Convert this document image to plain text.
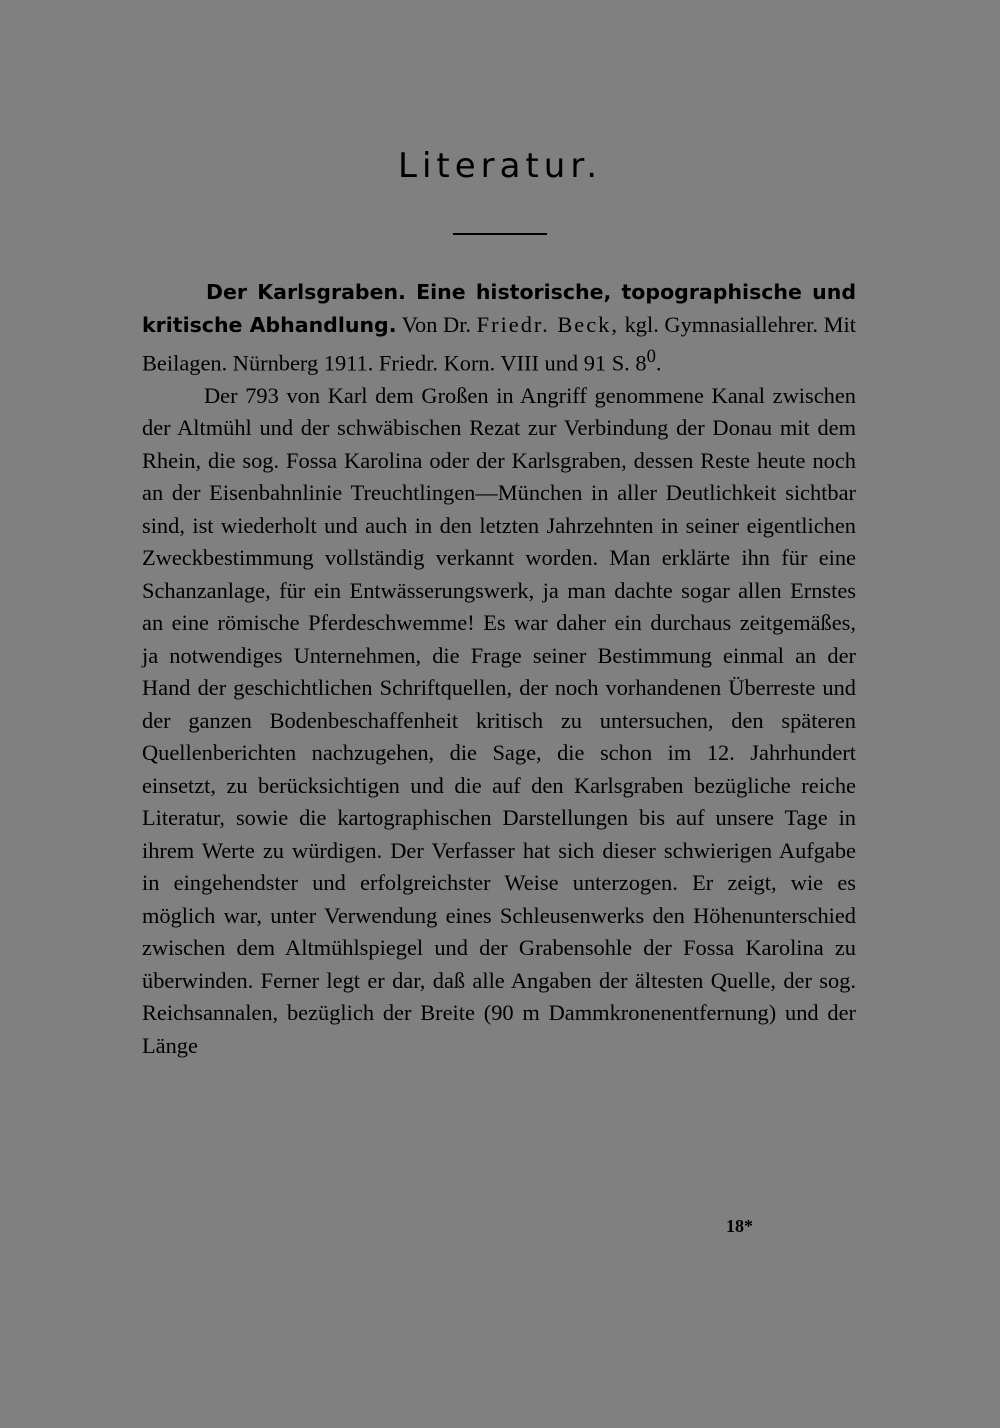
Literatur.

Der Karlsgraben. Eine historische, topographische und kritische Abhandlung. Von Dr. Friedr. Beck, kgl. Gymnasiallehrer. Mit Beilagen. Nürnberg 1911. Friedr. Korn. VIII und 91 S. $8^0$.

Der 793 von Karl dem Großen in Angriff genommene Kanal zwischen der Altmühl und der schwäbischen Rezat zur Verbindung der Donau mit dem Rhein, die sog. Fossa Karolina oder der Karlsgraben, dessen Reste heute noch an der Eisenbahnlinie Treuchtlingen—München in aller Deutlichkeit sichtbar sind, ist wiederholt und auch in den letzten Jahrzehnten in seiner eigentlichen Zweckbestimmung vollständig verkannt worden. Man erklärte ihn für eine Schanzanlage, für ein Entwässerungswerk, ja man dachte sogar allen Ernstes an eine römische Pferdeschwemme! Es war daher ein durchaus zeitgemäßes, ja notwendiges Unternehmen, die Frage seiner Bestimmung einmal an der Hand der geschichtlichen Schriftquellen, der noch vorhandenen Überreste und der ganzen Bodenbeschaffenheit kritisch zu untersuchen, den späteren Quellenberichten nachzugehen, die Sage, die schon im 12. Jahrhundert einsetzt, zu berücksichtigen und die auf den Karlsgraben bezügliche reiche Literatur, sowie die kartographischen Darstellungen bis auf unsere Tage in ihrem Werte zu würdigen. Der Verfasser hat sich dieser schwierigen Aufgabe in eingehendster und erfolgreichster Weise unterzogen. Er zeigt, wie es möglich war, unter Verwendung eines Schleusenwerks den Höhenunterschied zwischen dem Altmühlspiegel und der Grabensohle der Fossa Karolina zu überwinden. Ferner legt er dar, daß alle Angaben der ältesten Quelle, der sog. Reichsannalen, bezüglich der Breite (90 m Dammkronenentfernung) und der Länge

18*
